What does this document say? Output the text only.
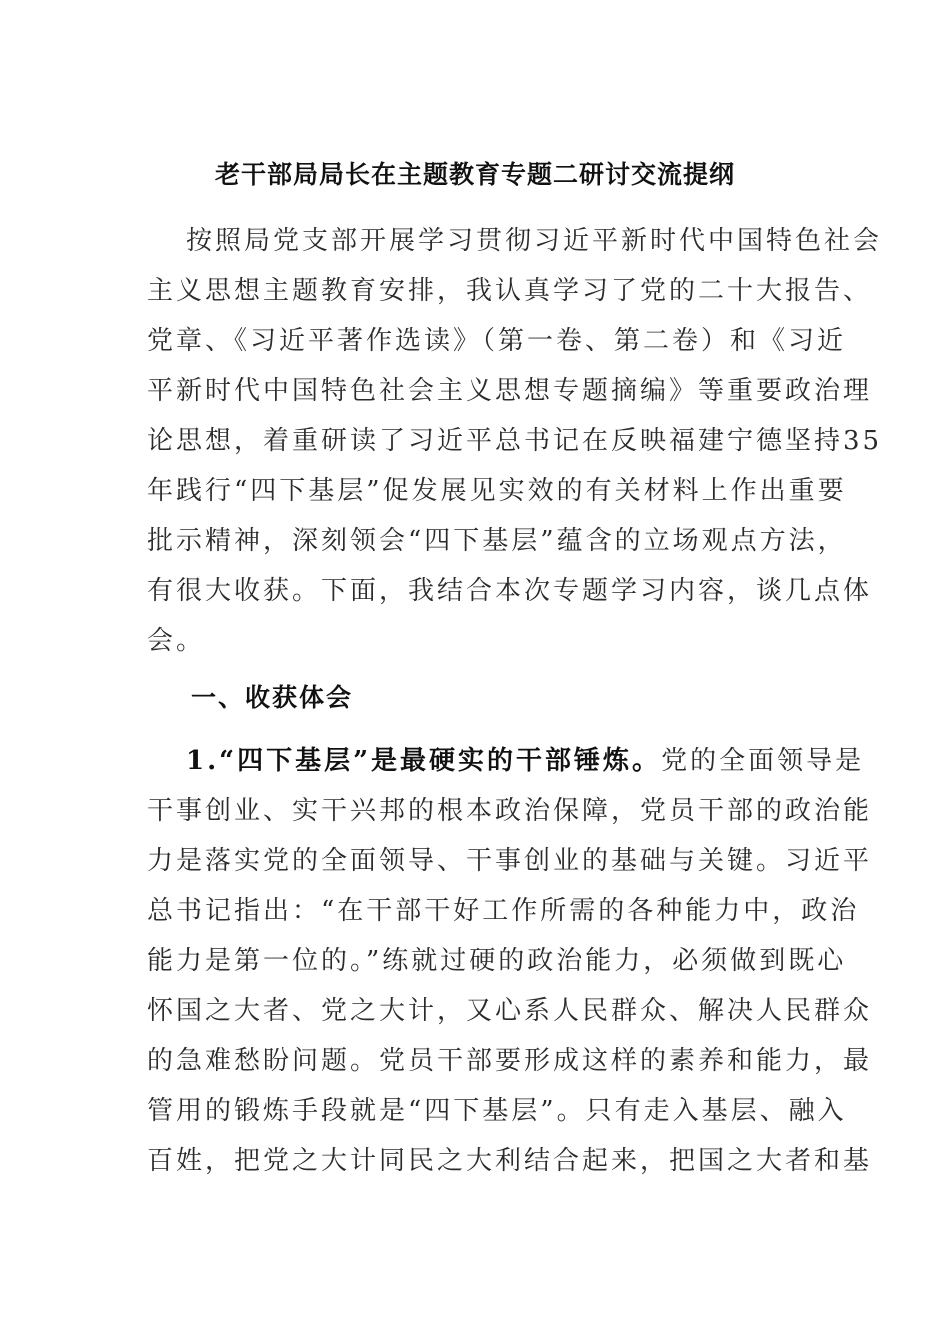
老干部局局长在主题教育专题二研讨交流提纲
按照局党支部开展学习贯彻习近平新时代中国特色社会
主义思想主题教育安排，我认真学习了党的二十大报告、
党章、《习近平著作选读》（第一卷、第二卷）和《习近
平新时代中国特色社会主义思想专题摘编》等重要政治理
论思想，着重研读了习近平总书记在反映福建宁德坚持35
年践行“四下基层”促发展见实效的有关材料上作出重要
批示精神，深刻领会“四下基层”蕴含的立场观点方法，
有很大收获。下面，我结合本次专题学习内容，谈几点体
会。
一、收获体会
1.“四下基层”是最硬实的干部锤炼。党的全面领导是
干事创业、实干兴邦的根本政治保障，党员干部的政治能
力是落实党的全面领导、干事创业的基础与关键。习近平
总书记指出：“在干部干好工作所需的各种能力中，政治
能力是第一位的。”练就过硬的政治能力，必须做到既心
怀国之大者、党之大计，又心系人民群众、解决人民群众
的急难愁盼问题。党员干部要形成这样的素养和能力，最
管用的锻炼手段就是“四下基层”。只有走入基层、融入
百姓，把党之大计同民之大利结合起来，把国之大者和基
